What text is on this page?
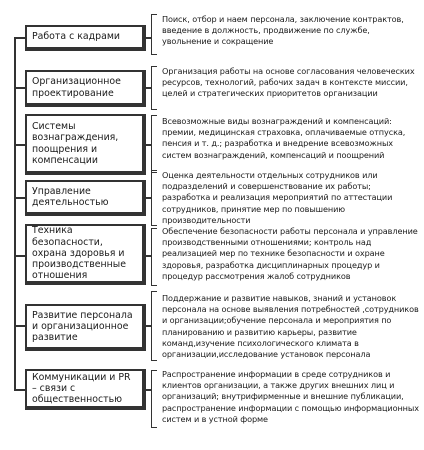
Работа с кадрами
Поиск, отбор и наем персонала, заключение контрактов, введение в должность, продвижение по службе, увольнение и сокращение
Организационное проектирование
Организация работы на основе согласования человеческих ресурсов, технологий, рабочих задач в контексте миссии, целей и стратегических приоритетов организации
Системы вознаграждения, поощрения и компенсации
Всевозможные виды вознаграждений и компенсаций: премии, медицинская страховка, оплачиваемые отпуска, пенсия и т. д.; разработка и внедрение всевозможных систем вознаграждений, компенсаций и поощрений
Управление деятельностью
Оценка деятельности отдельных сотрудников или подразделений и совершенствование их работы; разработка и реализация мероприятий по аттестации сотрудников, принятие мер по повышению производительности
Техника безопасности, охрана здоровья и производственные отношения
Обеспечение безопасности работы персонала и управление производственными отношениями; контроль над реализацией мер по технике безопасности и охране здоровья, разработка дисциплинарных процедур и процедур рассмотрения жалоб сотрудников
Развитие персонала и организационное развитие
Поддержание и развитие навыков, знаний и установок персонала на основе выявления потребностей ,сотрудников и организации;обучение персонала и мероприятия по планированию и развитию карьеры, развитие команд,изучение психологического климата в организации,исследование установок персонала
Коммуникации и PR – связи с общественностью
Распространение информации в среде сотрудников и клиентов организации, а также других внешних лиц и организаций; внутрифирменные и внешние публикации, распространение информации с помощью информационных систем и в устной форме
